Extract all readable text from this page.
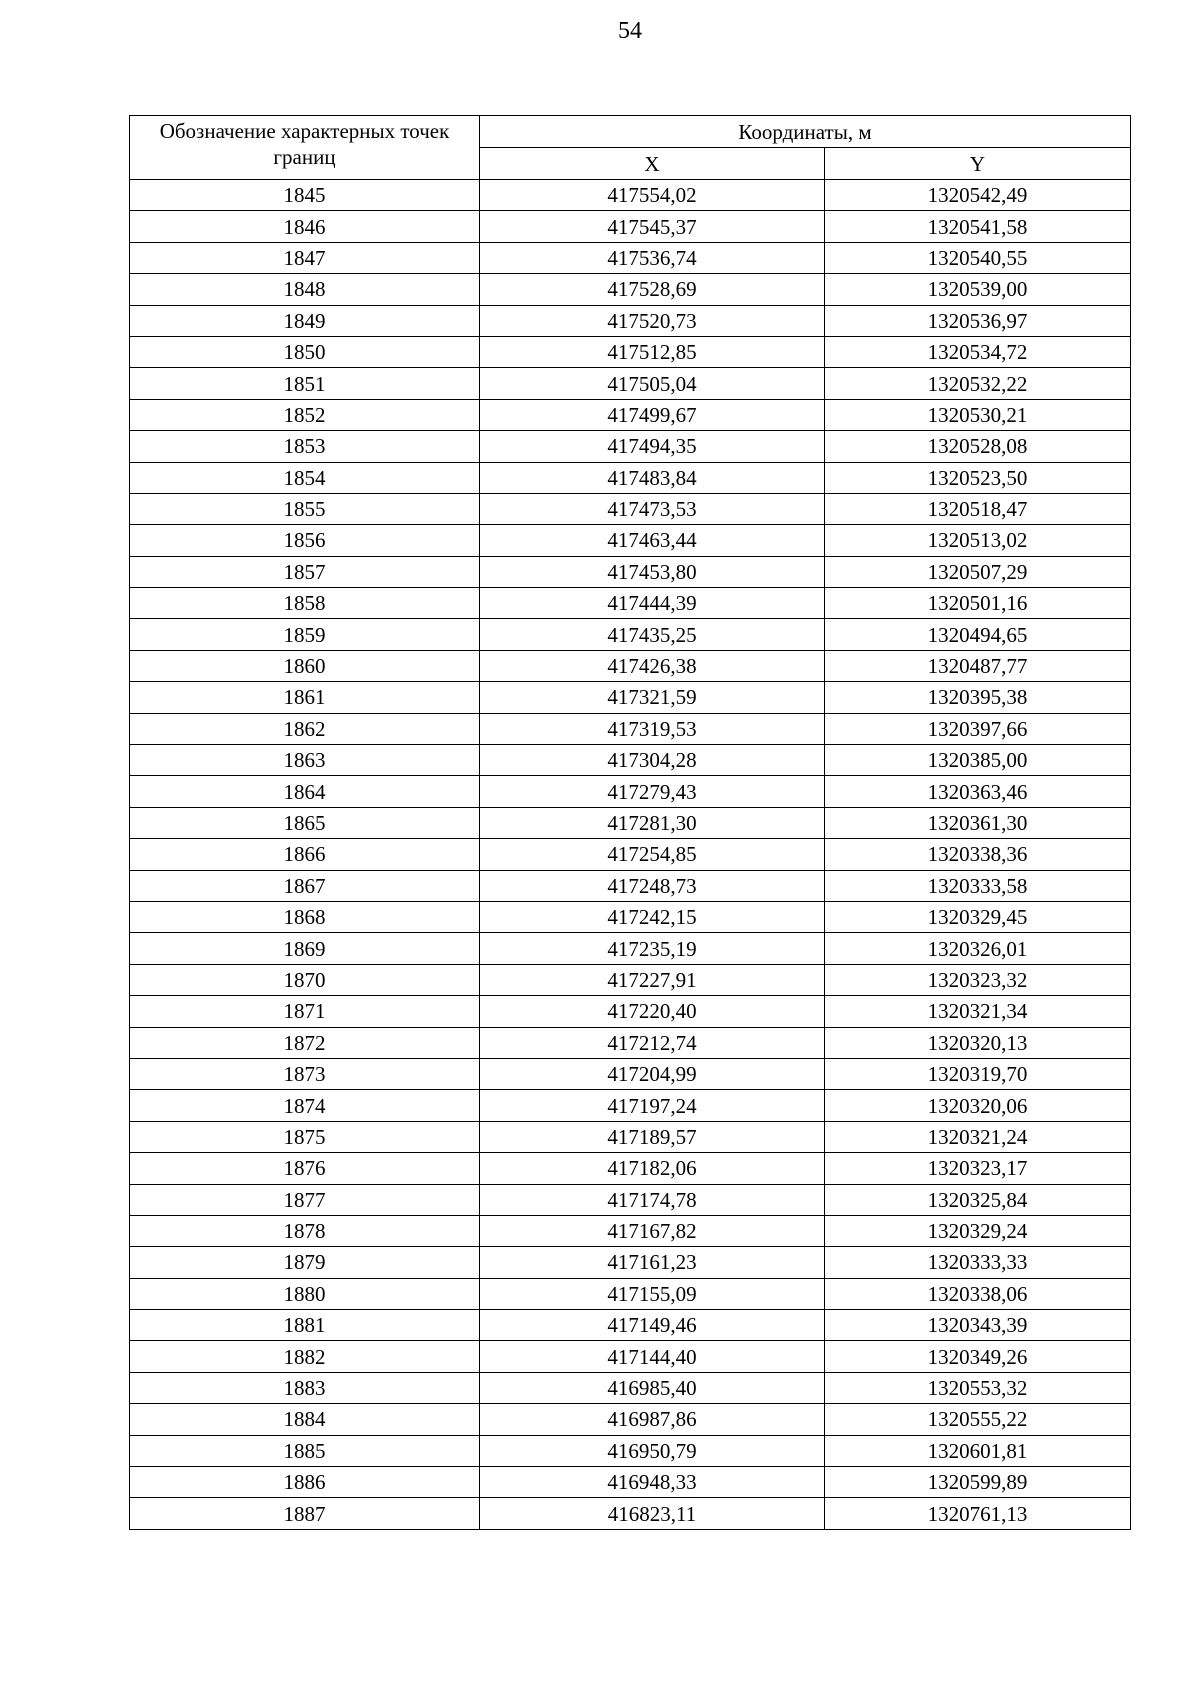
54
Обозначение характерных точек границ	Координаты, м	
	X	Y
1845	417554,02	1320542,49
1846	417545,37	1320541,58
1847	417536,74	1320540,55
1848	417528,69	1320539,00
1849	417520,73	1320536,97
1850	417512,85	1320534,72
1851	417505,04	1320532,22
1852	417499,67	1320530,21
1853	417494,35	1320528,08
1854	417483,84	1320523,50
1855	417473,53	1320518,47
1856	417463,44	1320513,02
1857	417453,80	1320507,29
1858	417444,39	1320501,16
1859	417435,25	1320494,65
1860	417426,38	1320487,77
1861	417321,59	1320395,38
1862	417319,53	1320397,66
1863	417304,28	1320385,00
1864	417279,43	1320363,46
1865	417281,30	1320361,30
1866	417254,85	1320338,36
1867	417248,73	1320333,58
1868	417242,15	1320329,45
1869	417235,19	1320326,01
1870	417227,91	1320323,32
1871	417220,40	1320321,34
1872	417212,74	1320320,13
1873	417204,99	1320319,70
1874	417197,24	1320320,06
1875	417189,57	1320321,24
1876	417182,06	1320323,17
1877	417174,78	1320325,84
1878	417167,82	1320329,24
1879	417161,23	1320333,33
1880	417155,09	1320338,06
1881	417149,46	1320343,39
1882	417144,40	1320349,26
1883	416985,40	1320553,32
1884	416987,86	1320555,22
1885	416950,79	1320601,81
1886	416948,33	1320599,89
1887	416823,11	1320761,13
